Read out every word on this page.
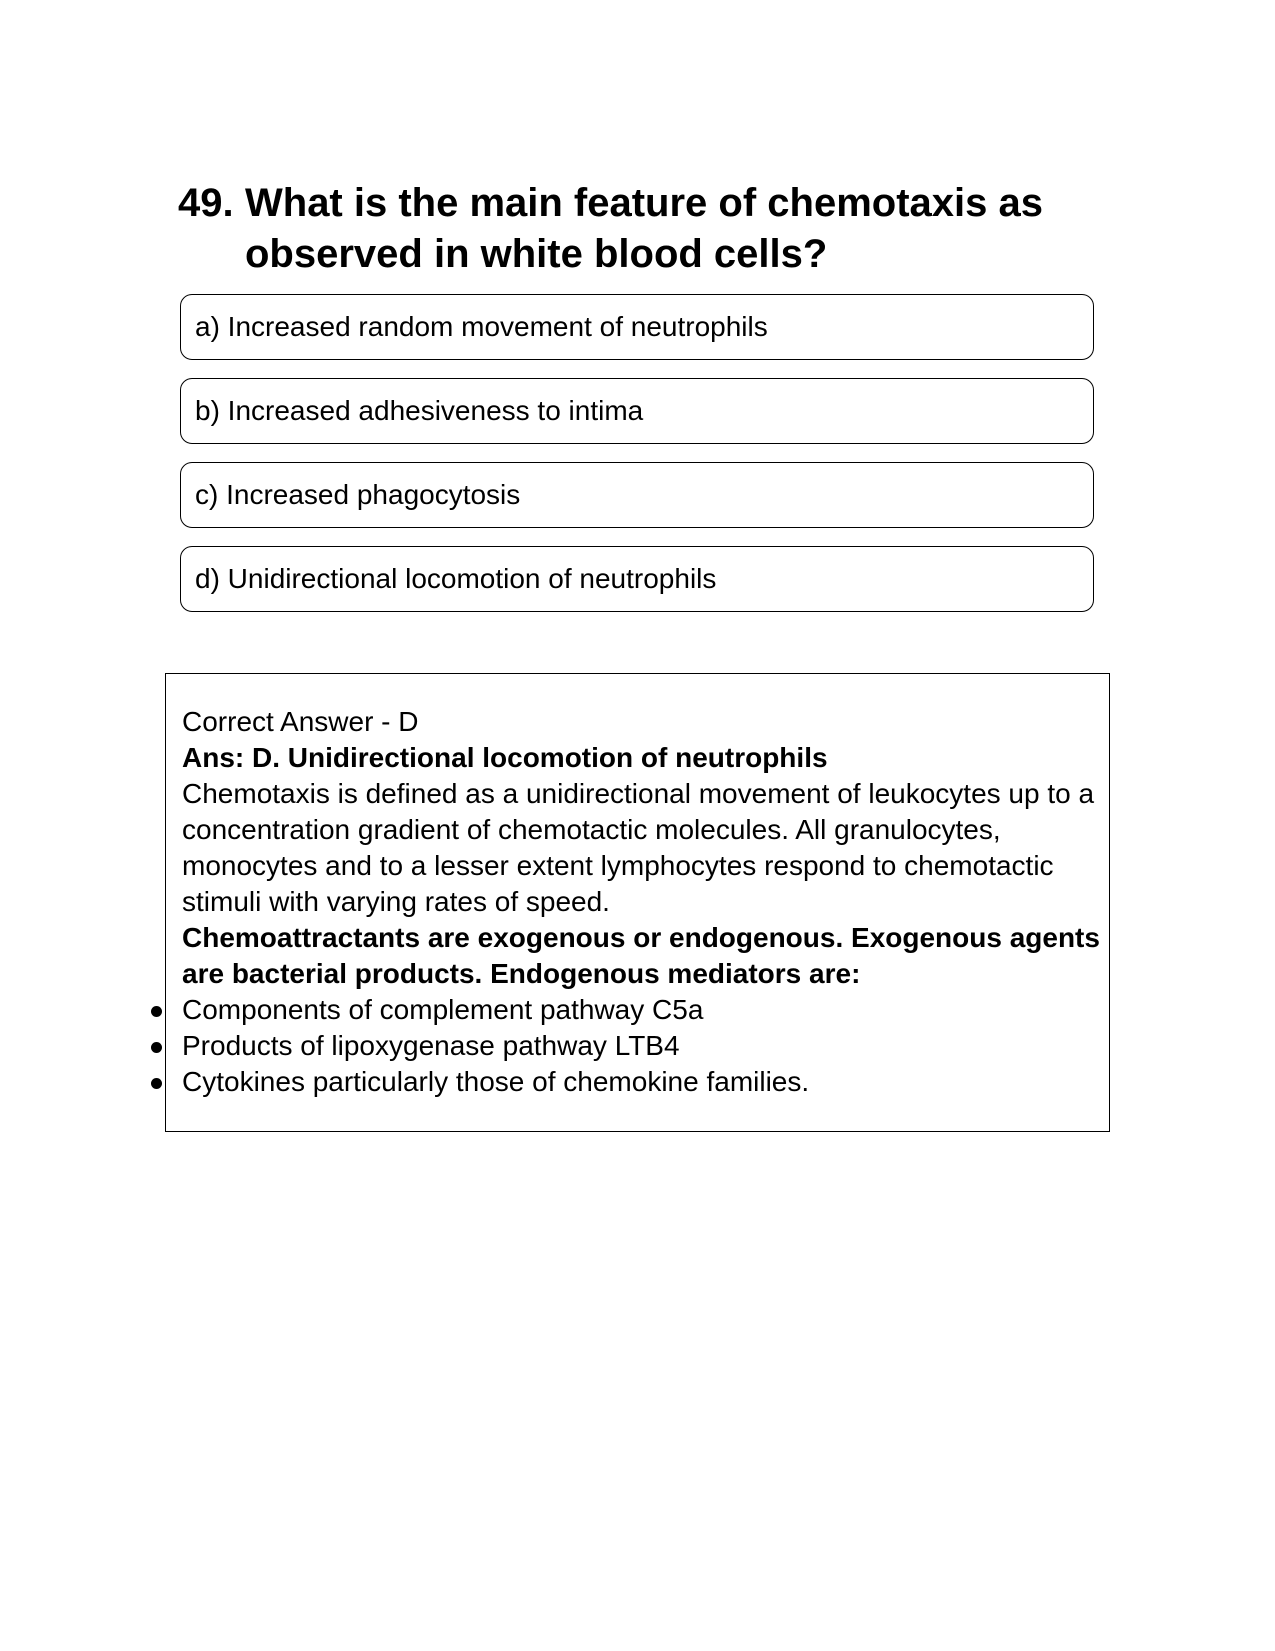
49. What is the main feature of chemotaxis as observed in white blood cells?
a) Increased random movement of neutrophils
b) Increased adhesiveness to intima
c) Increased phagocytosis
d) Unidirectional locomotion of neutrophils

Correct Answer - D

Ans: D. Unidirectional locomotion of neutrophils

Chemotaxis is defined as a unidirectional movement of leukocytes up to a concentration gradient of chemotactic molecules. All granulocytes, monocytes and to a lesser extent lymphocytes respond to chemotactic stimuli with varying rates of speed.

Chemoattractants are exogenous or endogenous. Exogenous agents are bacterial products. Endogenous mediators are:

Components of complement pathway C5a
Products of lipoxygenase pathway LTB4
Cytokines particularly those of chemokine families.
